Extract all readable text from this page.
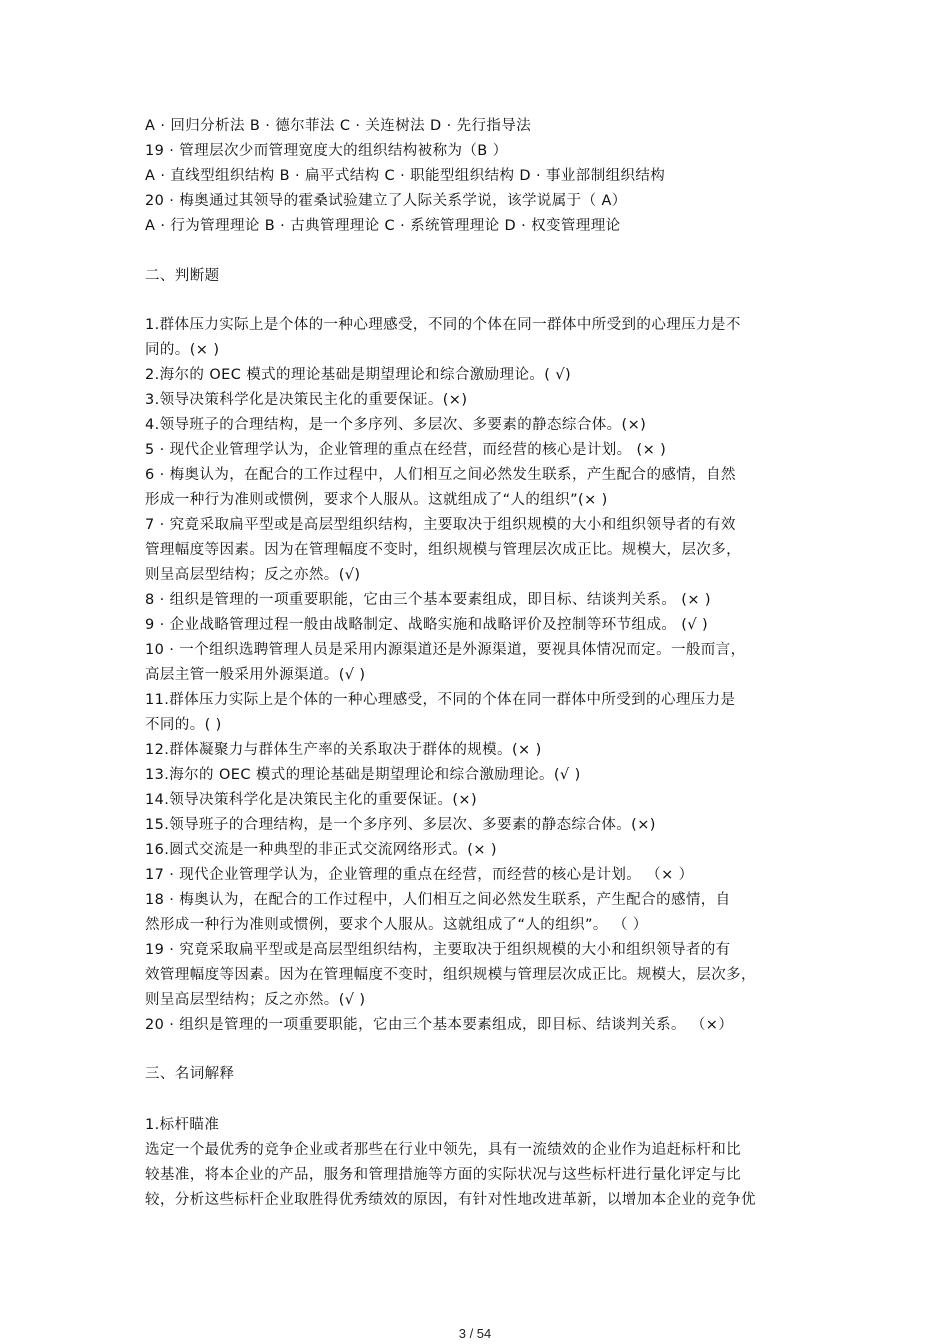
A · 回归分析法 B · 德尔菲法 C · 关连树法 D · 先行指导法
19 · 管理层次少而管理宽度大的组织结构被称为（B ）
A · 直线型组织结构 B · 扁平式结构 C · 职能型组织结构 D · 事业部制组织结构
20 · 梅奥通过其领导的霍桑试验建立了人际关系学说，该学说属于（ A）
A · 行为管理理论 B · 古典管理理论 C · 系统管理理论 D · 权变管理理论
二、判断题
1.群体压力实际上是个体的一种心理感受，不同的个体在同一群体中所受到的心理压力是不
同的。(× )
2.海尔的 OEC 模式的理论基础是期望理论和综合激励理论。( √)
3.领导决策科学化是决策民主化的重要保证。(×)
4.领导班子的合理结构，是一个多序列、多层次、多要素的静态综合体。(×)
5 · 现代企业管理学认为，企业管理的重点在经营，而经营的核心是计划。 (× )
6 · 梅奥认为，在配合的工作过程中，人们相互之间必然发生联系，产生配合的感情，自然
形成一种行为准则或惯例，要求个人服从。这就组成了“人的组织”(× )
7 · 究竟采取扁平型或是高层型组织结构，主要取决于组织规模的大小和组织领导者的有效
管理幅度等因素。因为在管理幅度不变时，组织规模与管理层次成正比。规模大，层次多，
则呈高层型结构；反之亦然。(√)
8 · 组织是管理的一项重要职能，它由三个基本要素组成，即目标、结谈判关系。 (× )
9 · 企业战略管理过程一般由战略制定、战略实施和战略评价及控制等环节组成。 (√ )
10 · 一个组织选聘管理人员是采用内源渠道还是外源渠道，要视具体情况而定。一般而言，
高层主管一般采用外源渠道。(√ )
11.群体压力实际上是个体的一种心理感受，不同的个体在同一群体中所受到的心理压力是
不同的。( )
12.群体凝聚力与群体生产率的关系取决于群体的规模。(× )
13.海尔的 OEC 模式的理论基础是期望理论和综合激励理论。(√ )
14.领导决策科学化是决策民主化的重要保证。(×)
15.领导班子的合理结构，是一个多序列、多层次、多要素的静态综合体。(×)
16.圆式交流是一种典型的非正式交流网络形式。(× )
17 · 现代企业管理学认为，企业管理的重点在经营，而经营的核心是计划。 （× ）
18 · 梅奥认为，在配合的工作过程中，人们相互之间必然发生联系，产生配合的感情，自
然形成一种行为准则或惯例，要求个人服从。这就组成了“人的组织”。 （ ）
19 · 究竟采取扁平型或是高层型组织结构，主要取决于组织规模的大小和组织领导者的有
效管理幅度等因素。因为在管理幅度不变时，组织规模与管理层次成正比。规模大，层次多，
则呈高层型结构；反之亦然。(√ )
20 · 组织是管理的一项重要职能，它由三个基本要素组成，即目标、结谈判关系。 （×）
三、名词解释
1.标杆瞄准
选定一个最优秀的竞争企业或者那些在行业中领先，具有一流绩效的企业作为追赶标杆和比
较基准，将本企业的产品，服务和管理措施等方面的实际状况与这些标杆进行量化评定与比
较，分析这些标杆企业取胜得优秀绩效的原因，有针对性地改进革新，以增加本企业的竞争优
3 / 54
